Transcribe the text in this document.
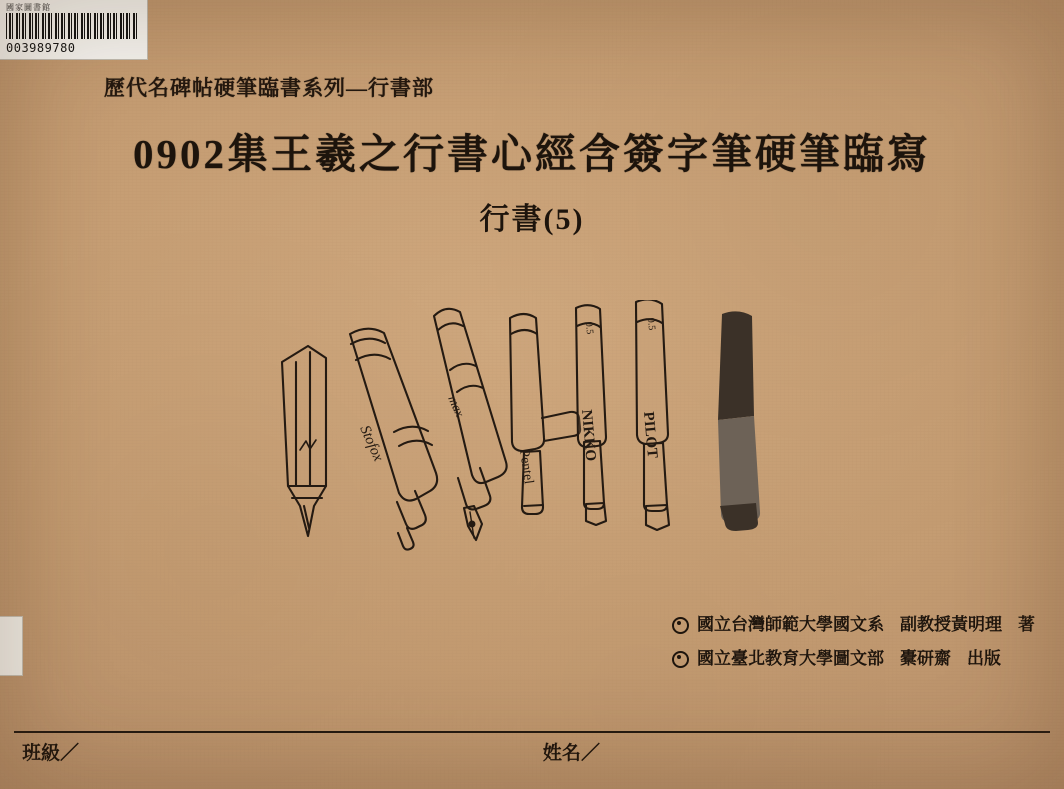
國家圖書館
003989780
歷代名碑帖硬筆臨書系列—行書部
0902集王羲之行書心經含簽字筆硬筆臨寫
行書(5)
Stofox
max
Pentel
0.5
NIKKO
0.5
PILOT
國立台灣師範大學國文系 副教授黃明理 著
國立臺北教育大學圖文部 橐研齋 出版
班級／	姓名／
